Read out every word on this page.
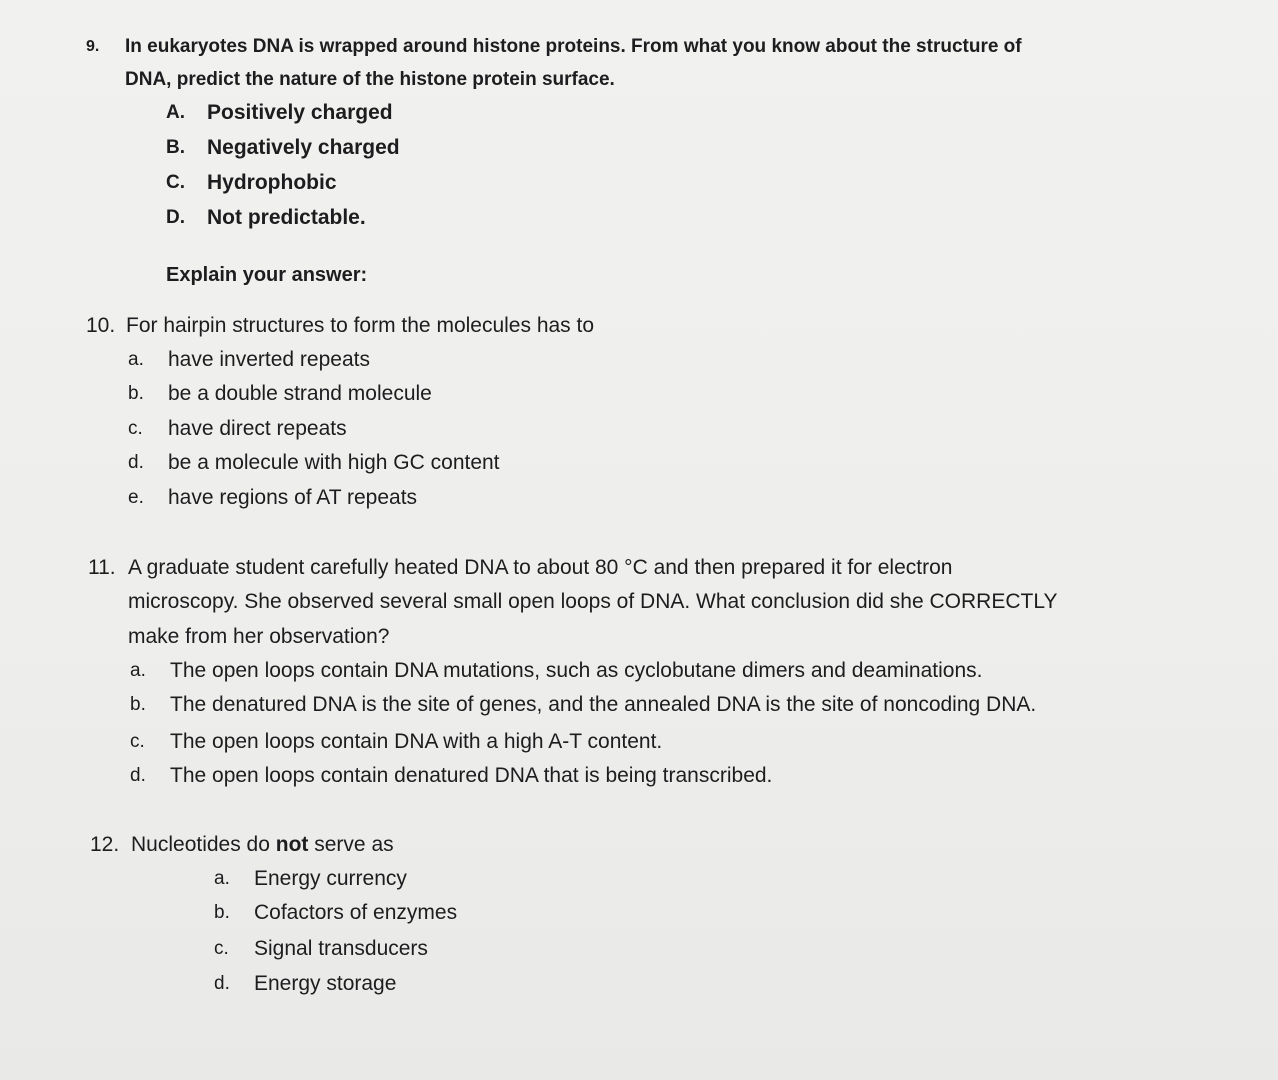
9. In eukaryotes DNA is wrapped around histone proteins. From what you know about the structure of
DNA, predict the nature of the histone protein surface.
A. Positively charged
B. Negatively charged
C. Hydrophobic
D. Not predictable.
Explain your answer:
10. For hairpin structures to form the molecules has to
a. have inverted repeats
b. be a double strand molecule
c. have direct repeats
d. be a molecule with high GC content
e. have regions of AT repeats
11. A graduate student carefully heated DNA to about 80 °C and then prepared it for electron
microscopy. She observed several small open loops of DNA. What conclusion did she CORRECTLY
make from her observation?
a. The open loops contain DNA mutations, such as cyclobutane dimers and deaminations.
b. The denatured DNA is the site of genes, and the annealed DNA is the site of noncoding DNA.
c. The open loops contain DNA with a high A-T content.
d. The open loops contain denatured DNA that is being transcribed.
12. Nucleotides do not serve as
a. Energy currency
b. Cofactors of enzymes
c. Signal transducers
d. Energy storage
